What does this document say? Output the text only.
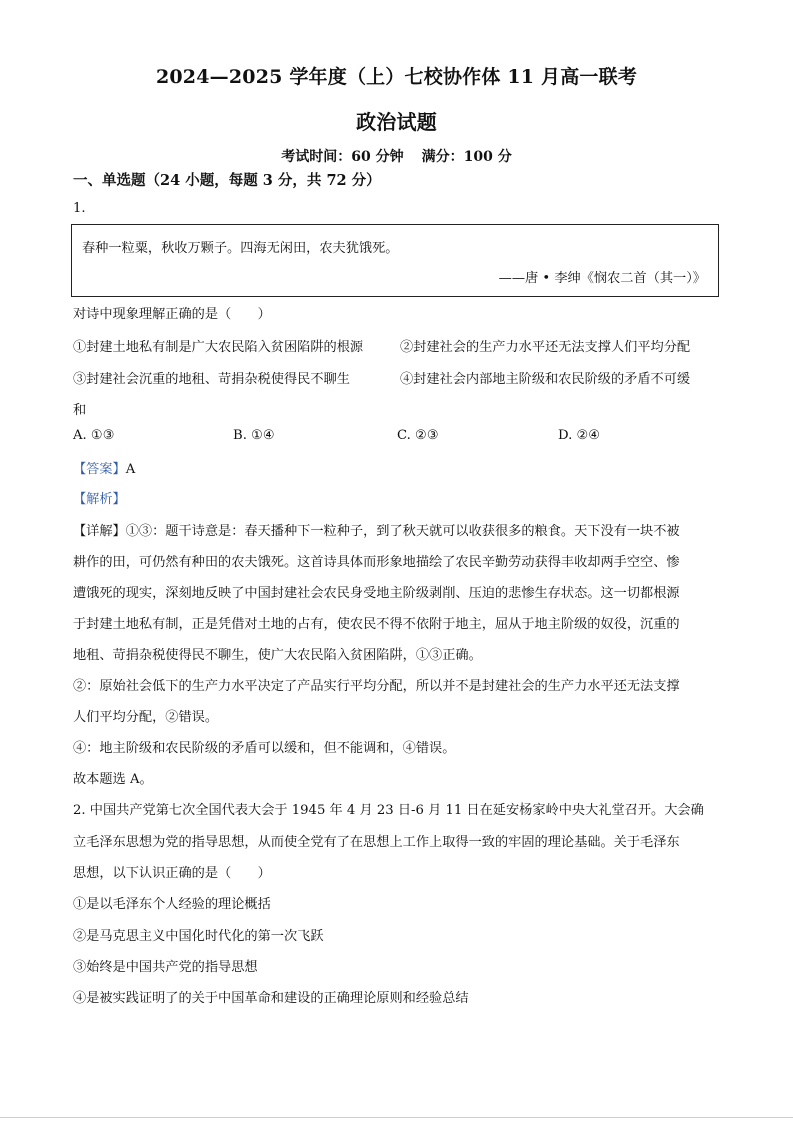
2024—2025 学年度（上）七校协作体 11 月高一联考
政治试题
考试时间：60 分钟 满分：100 分
一、单选题（24 小题，每题 3 分，共 72 分）
1.
春种一粒粟，秋收万颗子。四海无闲田，农夫犹饿死。
——唐 • 李绅《悯农二首（其一）》
对诗中现象理解正确的是（　　）
①封建土地私有制是广大农民陷入贫困陷阱的根源	②封建社会的生产力水平还无法支撑人们平均分配
③封建社会沉重的地租、苛捐杂税使得民不聊生	④封建社会内部地主阶级和农民阶级的矛盾不可缓
和
A. ①③	B. ①④	C. ②③	D. ②④
【答案】A
【解析】
【详解】①③：题干诗意是：春天播种下一粒种子，到了秋天就可以收获很多的粮食。天下没有一块不被
耕作的田，可仍然有种田的农夫饿死。这首诗具体而形象地描绘了农民辛勤劳动获得丰收却两手空空、惨
遭饿死的现实，深刻地反映了中国封建社会农民身受地主阶级剥削、压迫的悲惨生存状态。这一切都根源
于封建土地私有制，正是凭借对土地的占有，使农民不得不依附于地主，屈从于地主阶级的奴役，沉重的
地租、苛捐杂税使得民不聊生，使广大农民陷入贫困陷阱，①③正确。
②：原始社会低下的生产力水平决定了产品实行平均分配，所以并不是封建社会的生产力水平还无法支撑
人们平均分配，②错误。
④：地主阶级和农民阶级的矛盾可以缓和，但不能调和，④错误。
故本题选 A。
2. 中国共产党第七次全国代表大会于 1945 年 4 月 23 日-6 月 11 日在延安杨家岭中央大礼堂召开。大会确
立毛泽东思想为党的指导思想，从而使全党有了在思想上工作上取得一致的牢固的理论基础。关于毛泽东
思想，以下认识正确的是（　　）
①是以毛泽东个人经验的理论概括
②是马克思主义中国化时代化的第一次飞跃
③始终是中国共产党的指导思想
④是被实践证明了的关于中国革命和建设的正确理论原则和经验总结
